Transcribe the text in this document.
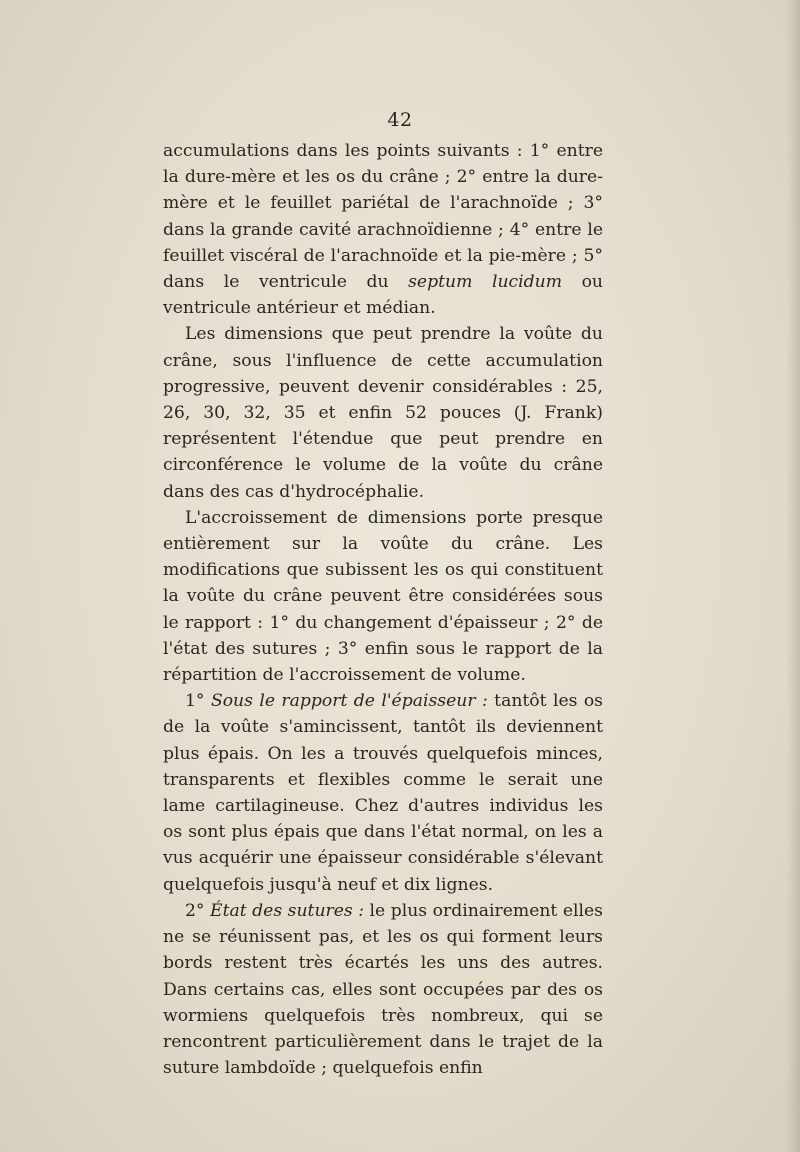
42

accumulations dans les points suivants : 1° entre la dure-mère et les os du crâne ; 2° entre la dure-mère et le feuillet pariétal de l'arachnoïde ; 3° dans la grande cavité arachnoïdienne ; 4° entre le feuillet viscéral de l'arachnoïde et la pie-mère ; 5° dans le ventricule du septum lucidum ou ventricule antérieur et médian.

Les dimensions que peut prendre la voûte du crâne, sous l'influence de cette accumulation progressive, peuvent devenir considérables : 25, 26, 30, 32, 35 et enfin 52 pouces (J. Frank) représentent l'étendue que peut prendre en circonférence le volume de la voûte du crâne dans des cas d'hydrocéphalie.

L'accroissement de dimensions porte presque entièrement sur la voûte du crâne. Les modifications que subissent les os qui constituent la voûte du crâne peuvent être considérées sous le rapport : 1° du changement d'épaisseur ; 2° de l'état des sutures ; 3° enfin sous le rapport de la répartition de l'accroissement de volume.

1° Sous le rapport de l'épaisseur : tantôt les os de la voûte s'amincissent, tantôt ils deviennent plus épais. On les a trouvés quelquefois minces, transparents et flexibles comme le serait une lame cartilagineuse. Chez d'autres individus les os sont plus épais que dans l'état normal, on les a vus acquérir une épaisseur considérable s'élevant quelquefois jusqu'à neuf et dix lignes.

2° État des sutures : le plus ordinairement elles ne se réunissent pas, et les os qui forment leurs bords restent très écartés les uns des autres. Dans certains cas, elles sont occupées par des os wormiens quelquefois très nombreux, qui se rencontrent particulièrement dans le trajet de la suture lambdoïde ; quelquefois enfin
